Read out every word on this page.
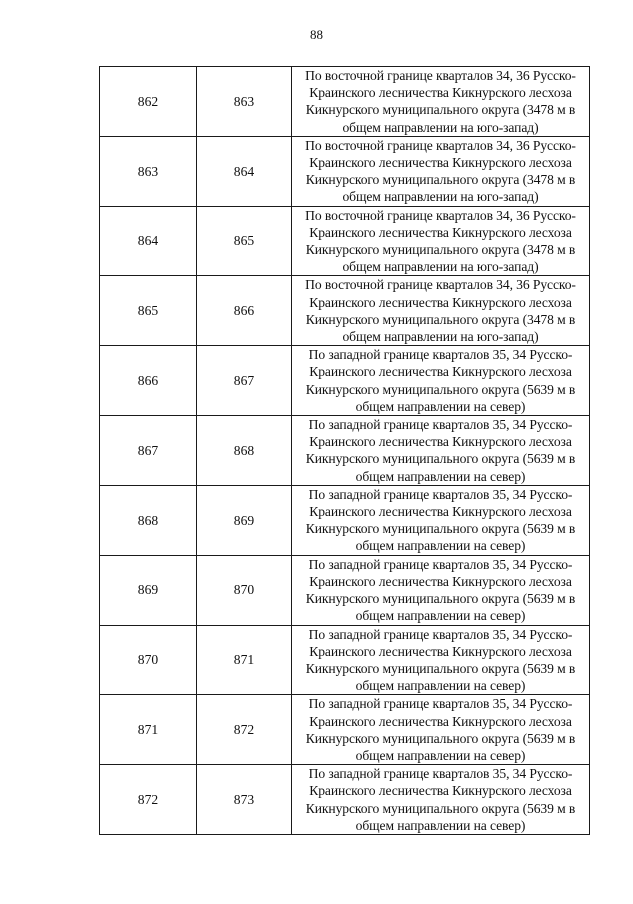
88
862	863	По восточной границе кварталов 34, 36 Русско-Краинского лесничества Кикнурского лесхоза Кикнурского муниципального округа (3478 м в общем направлении на юго-запад)
863	864	По восточной границе кварталов 34, 36 Русско-Краинского лесничества Кикнурского лесхоза Кикнурского муниципального округа (3478 м в общем направлении на юго-запад)
864	865	По восточной границе кварталов 34, 36 Русско-Краинского лесничества Кикнурского лесхоза Кикнурского муниципального округа (3478 м в общем направлении на юго-запад)
865	866	По восточной границе кварталов 34, 36 Русско-Краинского лесничества Кикнурского лесхоза Кикнурского муниципального округа (3478 м в общем направлении на юго-запад)
866	867	По западной границе кварталов 35, 34 Русско-Краинского лесничества Кикнурского лесхоза Кикнурского муниципального округа (5639 м в общем направлении на север)
867	868	По западной границе кварталов 35, 34 Русско-Краинского лесничества Кикнурского лесхоза Кикнурского муниципального округа (5639 м в общем направлении на север)
868	869	По западной границе кварталов 35, 34 Русско-Краинского лесничества Кикнурского лесхоза Кикнурского муниципального округа (5639 м в общем направлении на север)
869	870	По западной границе кварталов 35, 34 Русско-Краинского лесничества Кикнурского лесхоза Кикнурского муниципального округа (5639 м в общем направлении на север)
870	871	По западной границе кварталов 35, 34 Русско-Краинского лесничества Кикнурского лесхоза Кикнурского муниципального округа (5639 м в общем направлении на север)
871	872	По западной границе кварталов 35, 34 Русско-Краинского лесничества Кикнурского лесхоза Кикнурского муниципального округа (5639 м в общем направлении на север)
872	873	По западной границе кварталов 35, 34 Русско-Краинского лесничества Кикнурского лесхоза Кикнурского муниципального округа (5639 м в общем направлении на север)
